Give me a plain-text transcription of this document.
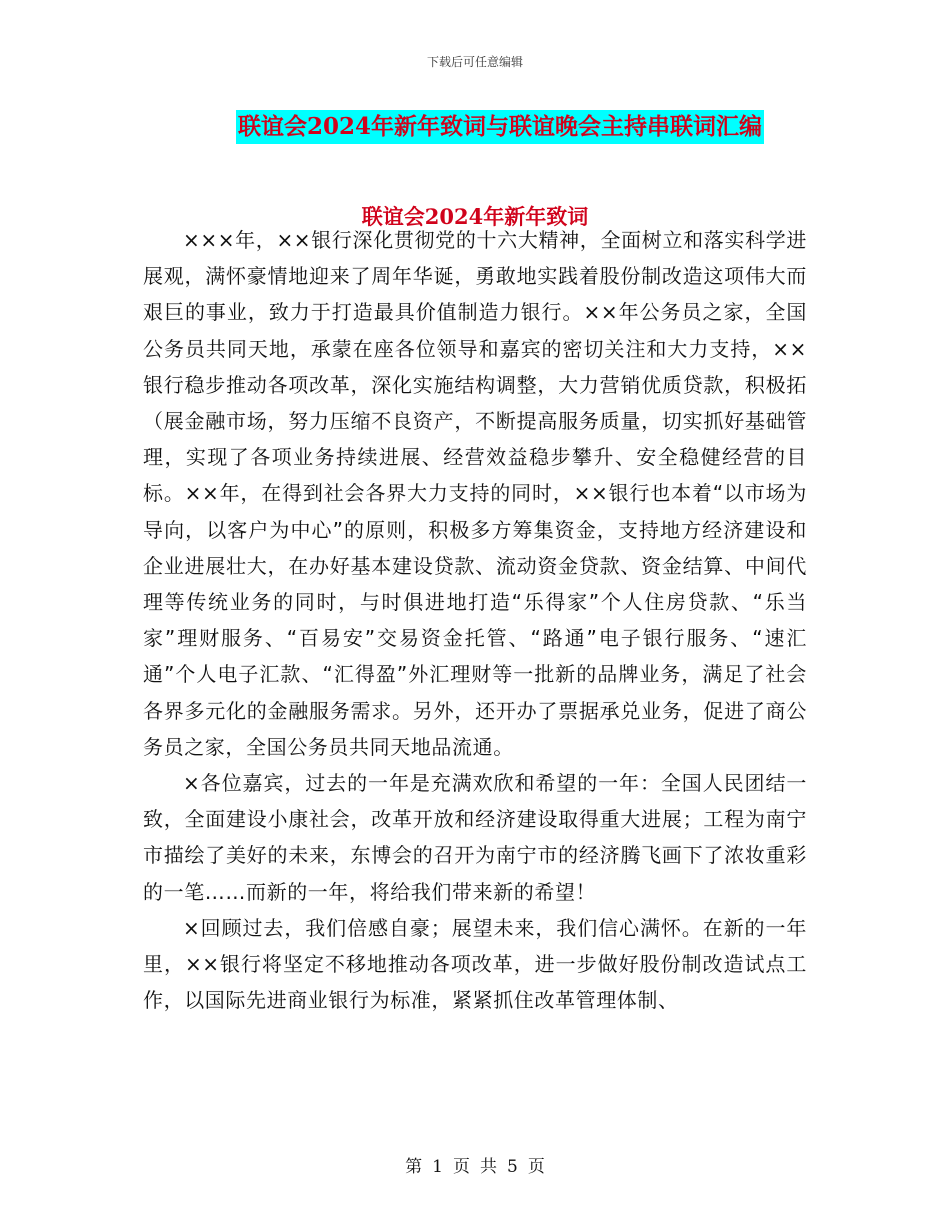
下载后可任意编辑
联谊会2024年新年致词与联谊晚会主持串联词汇编
联谊会2024年新年致词

×××年，××银行深化贯彻党的十六大精神，全面树立和落实科学进展观，满怀豪情地迎来了周年华诞，勇敢地实践着股份制改造这项伟大而艰巨的事业，致力于打造最具价值制造力银行。××年公务员之家，全国公务员共同天地，承蒙在座各位领导和嘉宾的密切关注和大力支持，××银行稳步推动各项改革，深化实施结构调整，大力营销优质贷款，积极拓（展金融市场，努力压缩不良资产，不断提高服务质量，切实抓好基础管理，实现了各项业务持续进展、经营效益稳步攀升、安全稳健经营的目标。××年，在得到社会各界大力支持的同时，××银行也本着“以市场为导向，以客户为中心”的原则，积极多方筹集资金，支持地方经济建设和企业进展壮大，在办好基本建设贷款、流动资金贷款、资金结算、中间代理等传统业务的同时，与时俱进地打造“乐得家”个人住房贷款、“乐当家”理财服务、“百易安”交易资金托管、“路通”电子银行服务、“速汇通”个人电子汇款、“汇得盈”外汇理财等一批新的品牌业务，满足了社会各界多元化的金融服务需求。另外，还开办了票据承兑业务，促进了商公务员之家，全国公务员共同天地品流通。

×各位嘉宾，过去的一年是充满欢欣和希望的一年：全国人民团结一致，全面建设小康社会，改革开放和经济建设取得重大进展；工程为南宁市描绘了美好的未来，东博会的召开为南宁市的经济腾飞画下了浓妆重彩的一笔……而新的一年，将给我们带来新的希望！

×回顾过去，我们倍感自豪；展望未来，我们信心满怀。在新的一年里，××银行将坚定不移地推动各项改革，进一步做好股份制改造试点工作，以国际先进商业银行为标准，紧紧抓住改革管理体制、

第 1 页 共 5 页
